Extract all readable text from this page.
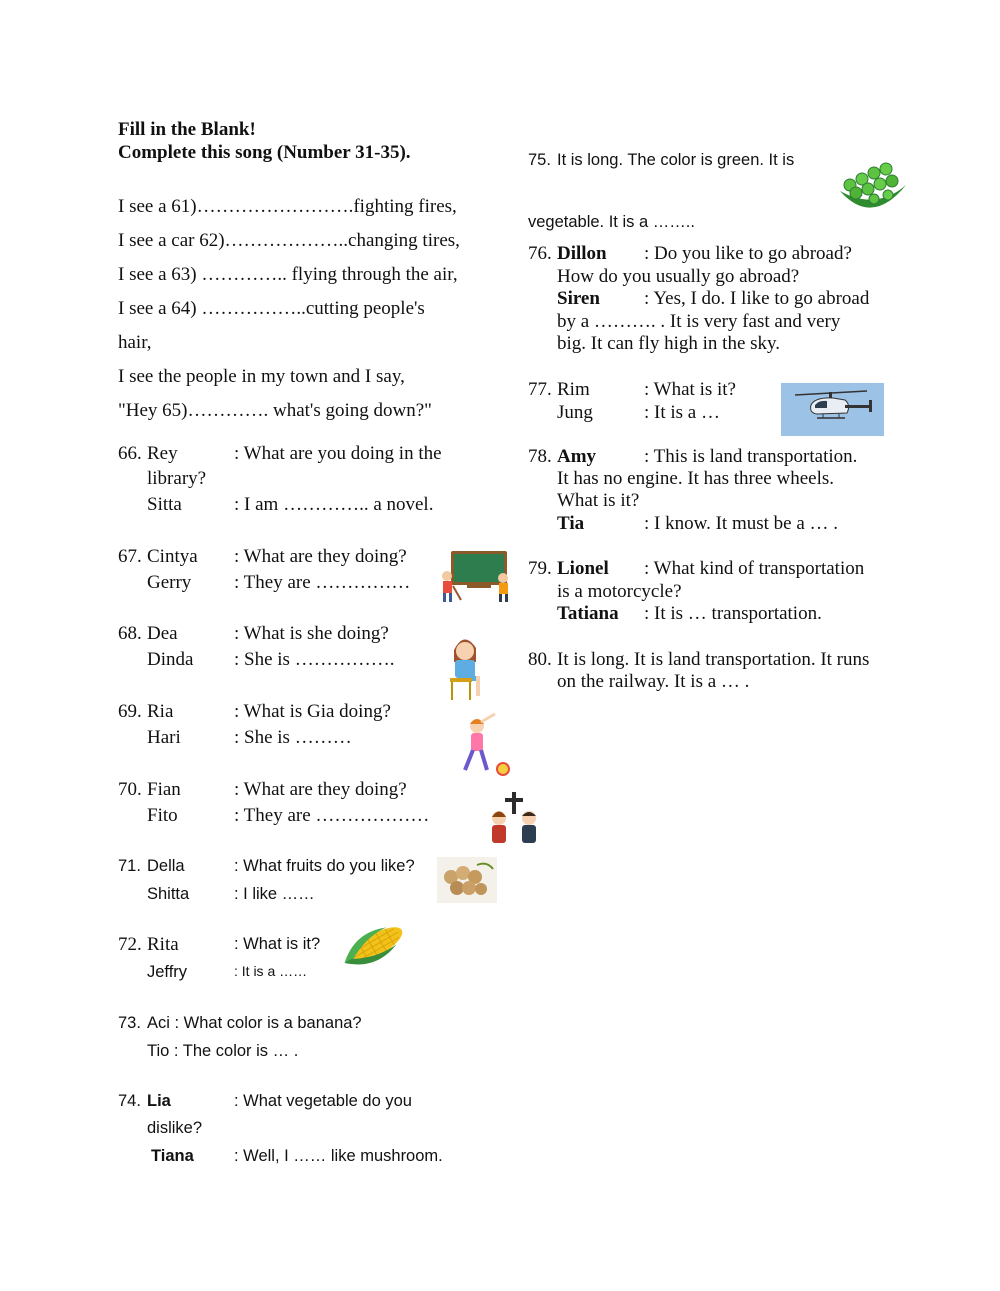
Fill in the Blank!
Complete this song (Number 31-35).
I see a 61)…………………….fighting fires,
I see a car 62)………………..changing tires,
I see a 63) ………….. flying through the air,
I see a 64) ……………..cutting people's
hair,
I see the people in my town and I say,
"Hey 65)…………. what's going down?"
66. Rey	: What are you doing in the
library?
Sitta	: I am ………….. a novel.
67. Cintya : What are they doing?
Gerry : They are ……………
68. Dea	: What is she doing?
Dinda : She is …………….
69. Ria	: What is Gia doing?
Hari	: She is ………
70. Fian	: What are they doing?
Fito	: They are ………………
71. Della	: What fruits do you like?
Shitta	: I like ……
72. Rita	: What is it?
Jeffry	: It is a ……
73. Aci : What color is a banana?
Tio : The color is … .
74. Lia	: What vegetable do you
dislike?
Tiana : Well, I …… like mushroom.
75. It is long. The color is green. It is
vegetable. It is a ……..
76. Dillon : Do you like to go abroad?
How do you usually go abroad?
Siren : Yes, I do. I like to go abroad
by a ………. . It is very fast and very
big. It can fly high in the sky.
77. Rim	: What is it?
Jung	: It is a …
78. Amy	: This is land transportation.
It has no engine. It has three wheels.
What is it?
Tia	: I know. It must be a … .
79. Lionel : What kind of transportation
is a motorcycle?
Tatiana : It is … transportation.
80. It is long. It is land transportation. It runs
on the railway. It is a … .
